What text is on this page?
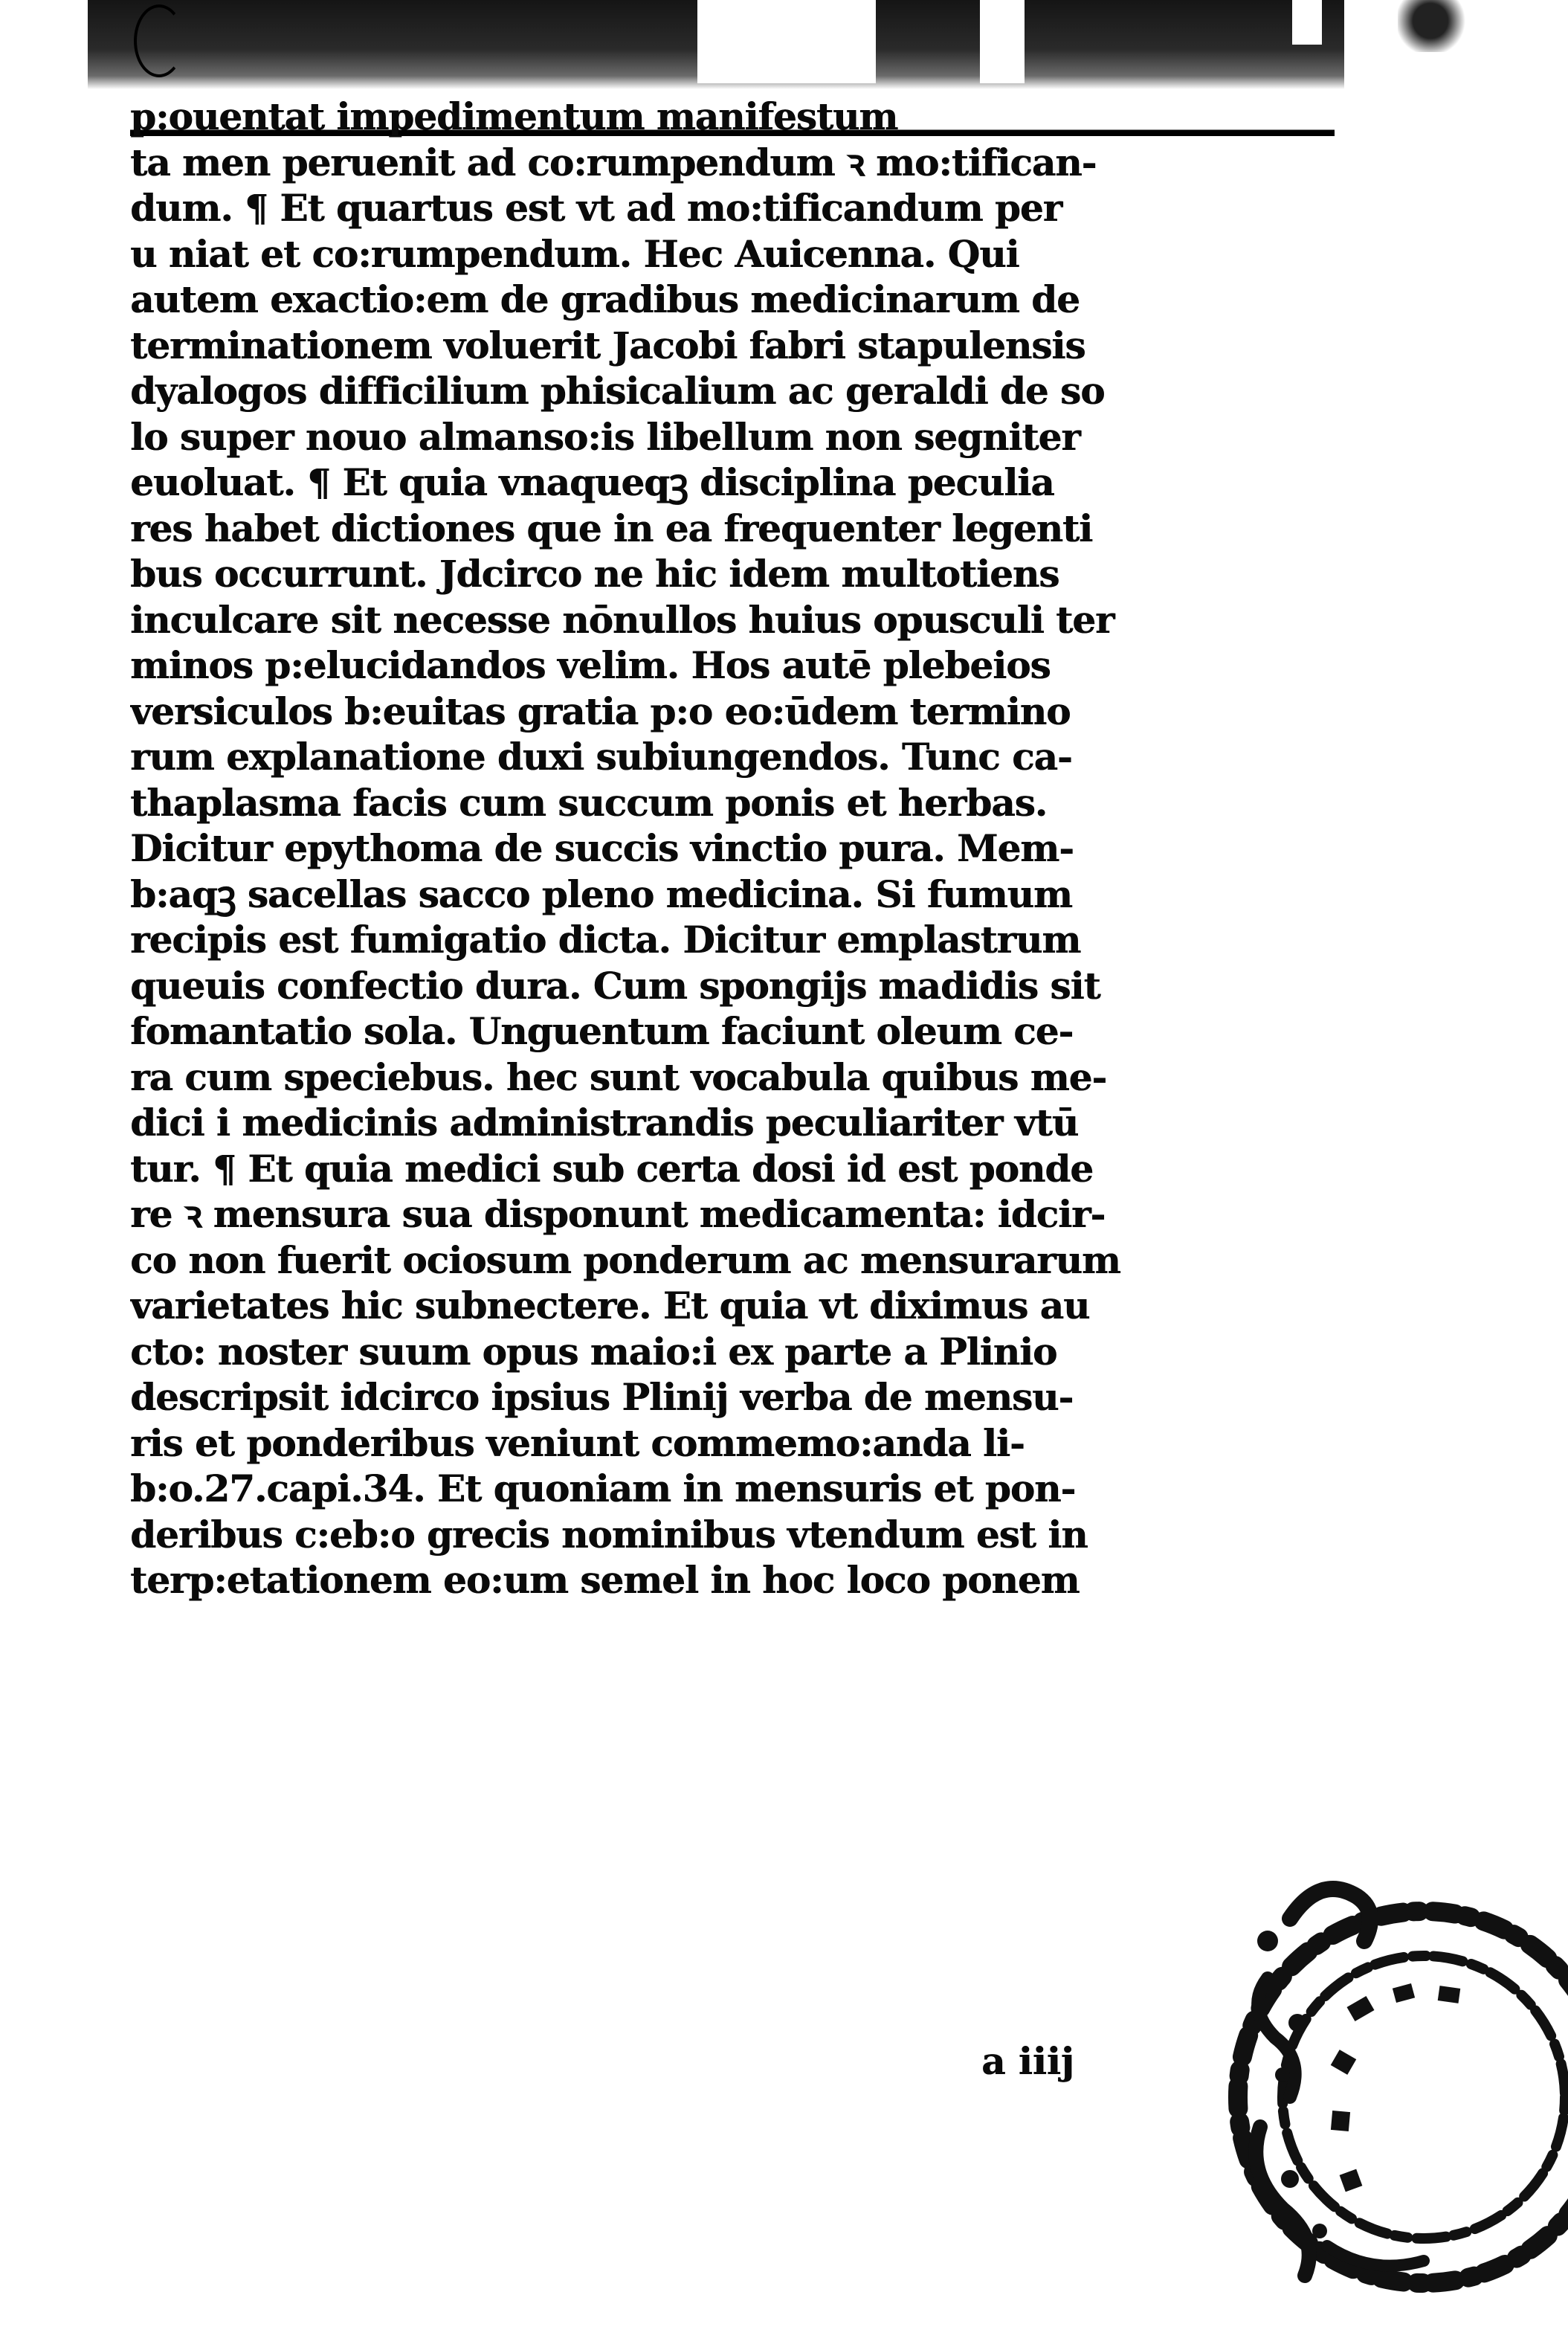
p:ouentat impedimentum manifestum
ta men peruenit ad co:rumpendum ꝛ mo:tifican-
dum. ¶ Et quartus est vt ad mo:tificandum per
u niat et co:rumpendum. Hec Auicenna. Qui
autem exactio:em de gradibus medicinarum de
terminationem voluerit Jacobi fabri stapulensis
dyalogos difficilium phisicalium ac geraldi de so
lo super nouo almanso:is libellum non segniter
euoluat. ¶ Et quia vnaqueqꝫ disciplina peculia
res habet dictiones que in ea frequenter legenti
bus occurrunt. Jdcirco ne hic idem multotiens
inculcare sit necesse nōnullos huius opusculi ter
minos p:elucidandos velim. Hos autē plebeios
versiculos b:euitas gratia p:o eo:ūdem termino
rum explanatione duxi subiungendos. Tunc ca-
thaplasma facis cum succum ponis et herbas.
Dicitur epythoma de succis vinctio pura. Mem-
b:aqꝫ sacellas sacco pleno medicina. Si fumum
recipis est fumigatio dicta. Dicitur emplastrum
queuis confectio dura. Cum spongijs madidis sit
fomantatio sola. Unguentum faciunt oleum ce-
ra cum speciebus. hec sunt vocabula quibus me-
dici i medicinis administrandis peculiariter vtū
tur. ¶ Et quia medici sub certa dosi id est ponde
re ꝛ mensura sua disponunt medicamenta: idcir-
co non fuerit ociosum ponderum ac mensurarum
varietates hic subnectere. Et quia vt diximus au
cto: noster suum opus maio:i ex parte a Plinio
descripsit idcirco ipsius Plinij verba de mensu-
ris et ponderibus veniunt commemo:anda li-
b:o.27.capi.34. Et quoniam in mensuris et pon-
deribus c:eb:o grecis nominibus vtendum est in
terp:etationem eo:um semel in hoc loco ponem
a iiij
